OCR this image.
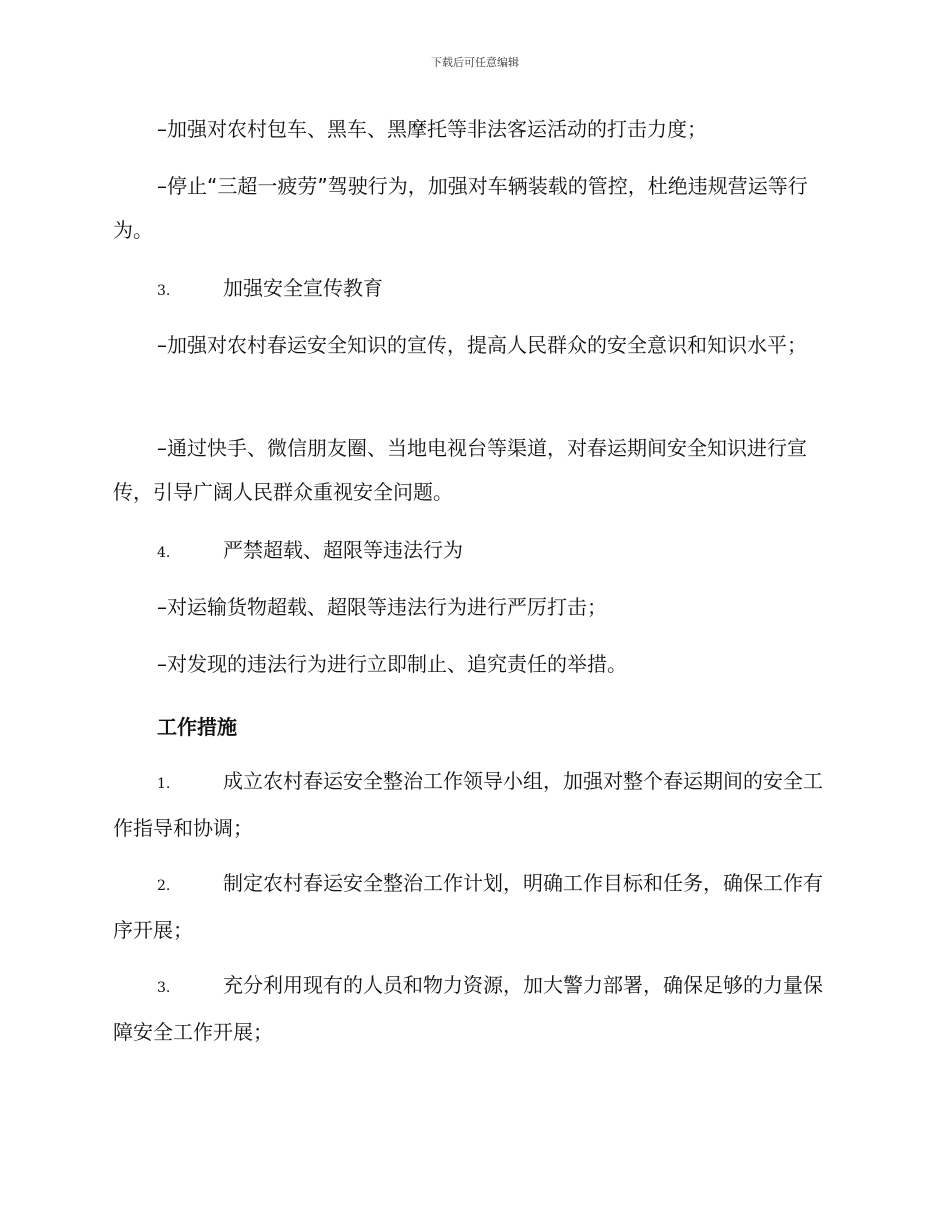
下载后可任意编辑

–加强对农村包车、黑车、黑摩托等非法客运活动的打击力度；

–停止“三超一疲劳”驾驶行为，加强对车辆装载的管控，杜绝违规营运等行为。

3.	加强安全宣传教育

–加强对农村春运安全知识的宣传，提高人民群众的安全意识和知识水平；

–通过快手、微信朋友圈、当地电视台等渠道，对春运期间安全知识进行宣传，引导广阔人民群众重视安全问题。

4.	严禁超载、超限等违法行为

–对运输货物超载、超限等违法行为进行严厉打击；

–对发现的违法行为进行立即制止、追究责任的举措。

工作措施
1.	成立农村春运安全整治工作领导小组，加强对整个春运期间的安全工作指导和协调；
2.	制定农村春运安全整治工作计划，明确工作目标和任务，确保工作有序开展；
3.	充分利用现有的人员和物力资源，加大警力部署，确保足够的力量保障安全工作开展；
